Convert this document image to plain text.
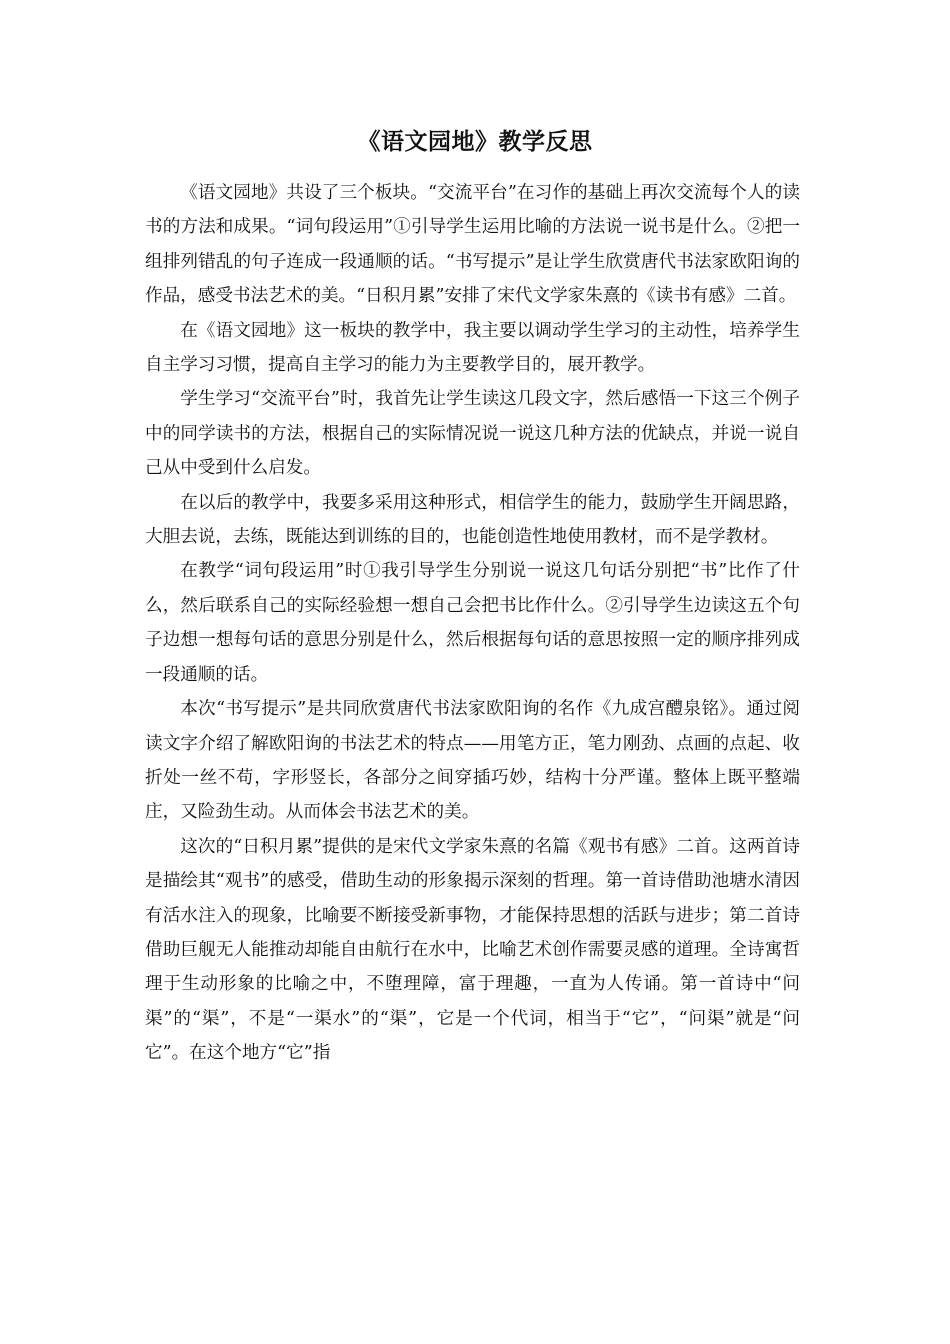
《语文园地》教学反思

《语文园地》共设了三个板块。“交流平台”在习作的基础上再次交流每个人的读书的方法和成果。“词句段运用”①引导学生运用比喻的方法说一说书是什么。②把一组排列错乱的句子连成一段通顺的话。“书写提示”是让学生欣赏唐代书法家欧阳询的作品，感受书法艺术的美。“日积月累”安排了宋代文学家朱熹的《读书有感》二首。

在《语文园地》这一板块的教学中，我主要以调动学生学习的主动性，培养学生自主学习习惯，提高自主学习的能力为主要教学目的，展开教学。

学生学习“交流平台”时，我首先让学生读这几段文字，然后感悟一下这三个例子中的同学读书的方法，根据自己的实际情况说一说这几种方法的优缺点，并说一说自己从中受到什么启发。

在以后的教学中，我要多采用这种形式，相信学生的能力，鼓励学生开阔思路，大胆去说，去练，既能达到训练的目的，也能创造性地使用教材，而不是学教材。

在教学“词句段运用”时①我引导学生分别说一说这几句话分别把“书”比作了什么，然后联系自己的实际经验想一想自己会把书比作什么。②引导学生边读这五个句子边想一想每句话的意思分别是什么，然后根据每句话的意思按照一定的顺序排列成一段通顺的话。

本次“书写提示”是共同欣赏唐代书法家欧阳询的名作《九成宫醴泉铭》。通过阅读文字介绍了解欧阳询的书法艺术的特点——用笔方正，笔力刚劲、点画的点起、收折处一丝不苟，字形竖长，各部分之间穿插巧妙，结构十分严谨。整体上既平整端庄，又险劲生动。从而体会书法艺术的美。

这次的“日积月累”提供的是宋代文学家朱熹的名篇《观书有感》二首。这两首诗是描绘其“观书”的感受，借助生动的形象揭示深刻的哲理。第一首诗借助池塘水清因有活水注入的现象，比喻要不断接受新事物，才能保持思想的活跃与进步；第二首诗借助巨舰无人能推动却能自由航行在水中，比喻艺术创作需要灵感的道理。全诗寓哲理于生动形象的比喻之中，不堕理障，富于理趣，一直为人传诵。第一首诗中“问渠”的“渠”，不是“一渠水”的“渠”，它是一个代词，相当于“它”，“问渠”就是“问它”。在这个地方“它”指
